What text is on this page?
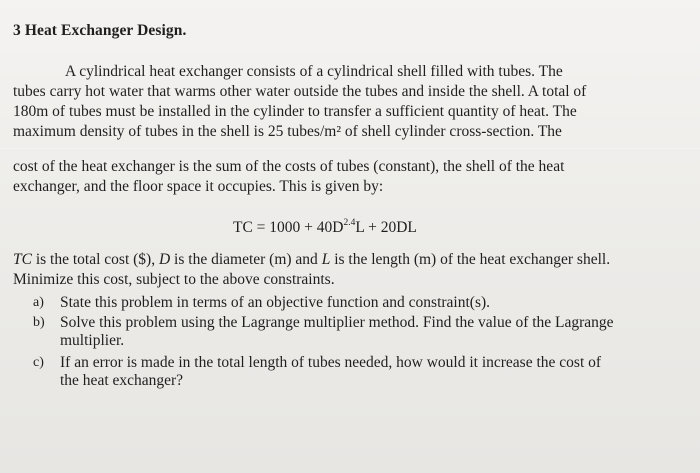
3 Heat Exchanger Design.
A cylindrical heat exchanger consists of a cylindrical shell filled with tubes. The
tubes carry hot water that warms other water outside the tubes and inside the shell. A total of
180m of tubes must be installed in the cylinder to transfer a sufficient quantity of heat. The
maximum density of tubes in the shell is 25 tubes/m² of shell cylinder cross-section. The
cost of the heat exchanger is the sum of the costs of tubes (constant), the shell of the heat
exchanger, and the floor space it occupies. This is given by:
TC = $1000 + 40D^{2.4}L + 20DL$
TC is the total cost ($), D is the diameter (m) and L is the length (m) of the heat exchanger shell.
Minimize this cost, subject to the above constraints.
a) State this problem in terms of an objective function and constraint(s).
b) Solve this problem using the Lagrange multiplier method. Find the value of the Lagrange
multiplier.
c) If an error is made in the total length of tubes needed, how would it increase the cost of
the heat exchanger?
